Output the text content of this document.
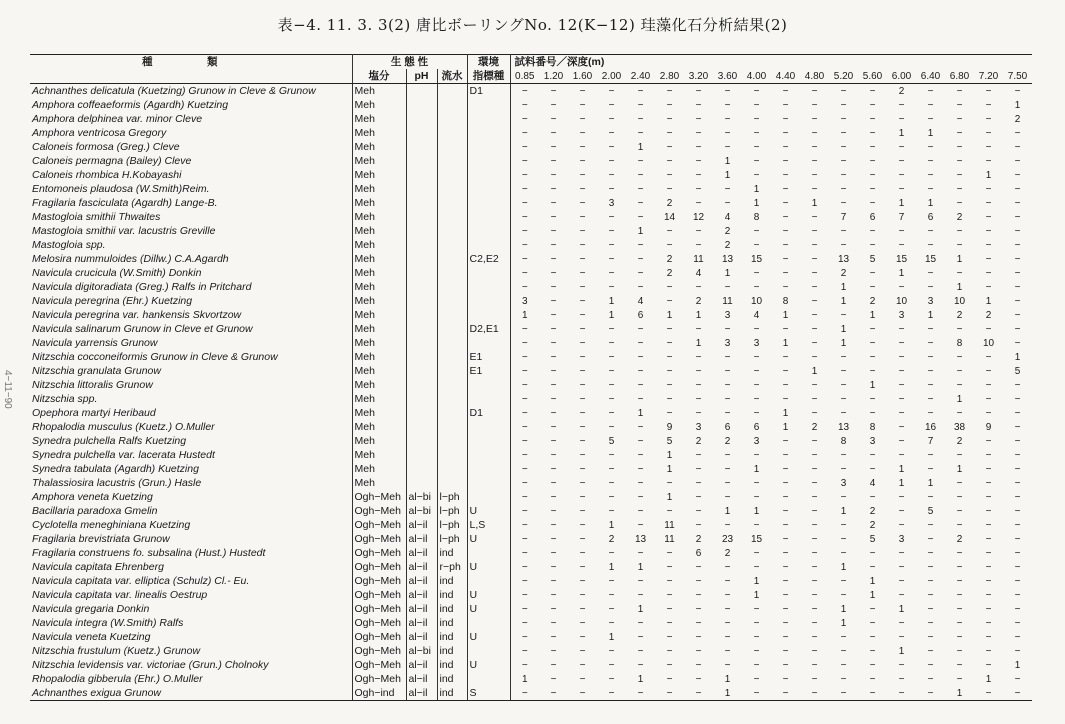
表−4. 11. 3. 3(2) 唐比ボーリングNo. 12(K−12) 珪藻化石分析結果(2)
4−11−90
種　類	生 態 性			環境	試料番号／深度(m)																	
	塩分	pH	流水	指標種	0.85	1.20	1.60	2.00	2.40	2.80	3.20	3.60	4.00	4.40	4.80	5.20	5.60	6.00	6.40	6.80	7.20	7.50
Achnanthes delicatula (Kuetzing) Grunow in Cleve & Grunow	Meh			D1	−	−	−	−	−	−	−	−	−	−	−	−	−	2	−	−	−	−
Amphora coffeaeformis (Agardh) Kuetzing	Meh				−	−	−	−	−	−	−	−	−	−	−	−	−	−	−	−	−	1
Amphora delphinea var. minor Cleve	Meh				−	−	−	−	−	−	−	−	−	−	−	−	−	−	−	−	−	2
Amphora ventricosa Gregory	Meh				−	−	−	−	−	−	−	−	−	−	−	−	−	1	1	−	−	−
Caloneis formosa (Greg.) Cleve	Meh				−	−	−	−	1	−	−	−	−	−	−	−	−	−	−	−	−	−
Caloneis permagna (Bailey) Cleve	Meh				−	−	−	−	−	−	−	1	−	−	−	−	−	−	−	−	−	−
Caloneis rhombica H.Kobayashi	Meh				−	−	−	−	−	−	−	1	−	−	−	−	−	−	−	−	1	−
Entomoneis plaudosa (W.Smith)Reim.	Meh				−	−	−	−	−	−	−	−	1	−	−	−	−	−	−	−	−	−
Fragilaria fasciculata (Agardh) Lange-B.	Meh				−	−	−	3	−	2	−	−	1	−	1	−	−	1	1	−	−	−
Mastogloia smithii Thwaites	Meh				−	−	−	−	−	14	12	4	8	−	−	7	6	7	6	2	−	−
Mastogloia smithii var. lacustris Greville	Meh				−	−	−	−	1	−	−	2	−	−	−	−	−	−	−	−	−	−
Mastogloia spp.	Meh				−	−	−	−	−	−	−	2	−	−	−	−	−	−	−	−	−	−
Melosira nummuloides (Dillw.) C.A.Agardh	Meh			C2,E2	−	−	−	−	−	2	11	13	15	−	−	13	5	15	15	1	−	−
Navicula crucicula (W.Smith) Donkin	Meh				−	−	−	−	−	2	4	1	−	−	−	2	−	1	−	−	−	−
Navicula digitoradiata (Greg.) Ralfs in Pritchard	Meh				−	−	−	−	−	−	−	−	−	−	−	1	−	−	−	1	−	−
Navicula peregrina (Ehr.) Kuetzing	Meh				3	−	−	1	4	−	2	11	10	8	−	1	2	10	3	10	1	−
Navicula peregrina var. hankensis Skvortzow	Meh				1	−	−	1	6	1	1	3	4	1	−	−	1	3	1	2	2	−
Navicula salinarum Grunow in Cleve et Grunow	Meh			D2,E1	−	−	−	−	−	−	−	−	−	−	−	1	−	−	−	−	−	−
Navicula yarrensis Grunow	Meh				−	−	−	−	−	−	1	3	3	1	−	1	−	−	−	8	10	−
Nitzschia cocconeiformis Grunow in Cleve & Grunow	Meh			E1	−	−	−	−	−	−	−	−	−	−	−	−	−	−	−	−	−	1
Nitzschia granulata Grunow	Meh			E1	−	−	−	−	−	−	−	−	−	−	1	−	−	−	−	−	−	5
Nitzschia littoralis Grunow	Meh				−	−	−	−	−	−	−	−	−	−	−	−	1	−	−	−	−	−
Nitzschia spp.	Meh				−	−	−	−	−	−	−	−	−	−	−	−	−	−	−	1	−	−
Opephora martyi Heribaud	Meh			D1	−	−	−	−	1	−	−	−	−	1	−	−	−	−	−	−	−	−
Rhopalodia musculus (Kuetz.) O.Muller	Meh				−	−	−	−	−	9	3	6	6	1	2	13	8	−	16	38	9	−
Synedra pulchella Ralfs Kuetzing	Meh				−	−	−	5	−	5	2	2	3	−	−	8	3	−	7	2	−	−
Synedra pulchella var. lacerata Hustedt	Meh				−	−	−	−	−	1	−	−	−	−	−	−	−	−	−	−	−	−
Synedra tabulata (Agardh) Kuetzing	Meh				−	−	−	−	−	1	−	−	1	−	−	−	−	1	−	1	−	−
Thalassiosira lacustris (Grun.) Hasle	Meh				−	−	−	−	−	−	−	−	−	−	−	3	4	1	1	−	−	−
Amphora veneta Kuetzing	Ogh−Meh	al−bi	l−ph		−	−	−	−	−	1	−	−	−	−	−	−	−	−	−	−	−	−
Bacillaria paradoxa Gmelin	Ogh−Meh	al−bi	l−ph	U	−	−	−	−	−	−	−	1	1	−	−	1	2	−	5	−	−	−
Cyclotella meneghiniana Kuetzing	Ogh−Meh	al−il	l−ph	L,S	−	−	−	1	−	11	−	−	−	−	−	−	2	−	−	−	−	−
Fragilaria brevistriata Grunow	Ogh−Meh	al−il	l−ph	U	−	−	−	2	13	11	2	23	15	−	−	−	5	3	−	2	−	−
Fragilaria construens fo. subsalina (Hust.) Hustedt	Ogh−Meh	al−il	ind		−	−	−	−	−	−	6	2	−	−	−	−	−	−	−	−	−	−
Navicula capitata Ehrenberg	Ogh−Meh	al−il	r−ph	U	−	−	−	1	1	−	−	−	−	−	−	1	−	−	−	−	−	−
Navicula capitata var. elliptica (Schulz) Cl.- Eu.	Ogh−Meh	al−il	ind		−	−	−	−	−	−	−	−	1	−	−	−	1	−	−	−	−	−
Navicula capitata var. linealis Oestrup	Ogh−Meh	al−il	ind	U	−	−	−	−	−	−	−	−	1	−	−	−	1	−	−	−	−	−
Navicula gregaria Donkin	Ogh−Meh	al−il	ind	U	−	−	−	−	1	−	−	−	−	−	−	1	−	1	−	−	−	−
Navicula integra (W.Smith) Ralfs	Ogh−Meh	al−il	ind		−	−	−	−	−	−	−	−	−	−	−	1	−	−	−	−	−	−
Navicula veneta Kuetzing	Ogh−Meh	al−il	ind	U	−	−	−	1	−	−	−	−	−	−	−	−	−	−	−	−	−	−
Nitzschia frustulum (Kuetz.) Grunow	Ogh−Meh	al−bi	ind		−	−	−	−	−	−	−	−	−	−	−	−	−	1	−	−	−	−
Nitzschia levidensis var. victoriae (Grun.) Cholnoky	Ogh−Meh	al−il	ind	U	−	−	−	−	−	−	−	−	−	−	−	−	−	−	−	−	−	1
Rhopalodia gibberula (Ehr.) O.Muller	Ogh−Meh	al−il	ind		1	−	−	−	1	−	−	1	−	−	−	−	−	−	−	−	1	−
Achnanthes exigua Grunow	Ogh−ind	al−il	ind	S	−	−	−	−	−	−	−	1	−	−	−	−	−	−	−	1	−	−
